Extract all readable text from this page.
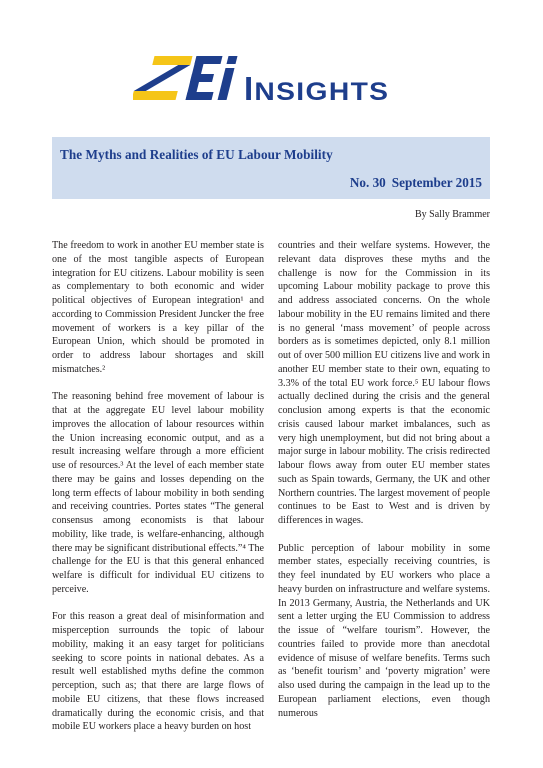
INSIGHTS
The Myths and Realities of EU Labour Mobility
No. 30 September 2015
By Sally Brammer

The freedom to work in another EU member state is one of the most tangible aspects of European integration for EU citizens. Labour mobility is seen as complementary to both economic and wider political objectives of European integration¹ and according to Commission President Juncker the free movement of workers is a key pillar of the European Union, which should be promoted in order to address labour shortages and skill mismatches.²

The reasoning behind free movement of labour is that at the aggregate EU level labour mobility improves the allocation of labour resources within the Union increasing economic output, and as a result increasing welfare through a more efficient use of resources.³ At the level of each member state there may be gains and losses depending on the long term effects of labour mobility in both sending and receiving countries. Portes states “The general consensus among economists is that labour mobility, like trade, is welfare-enhancing, although there may be significant distributional effects.”⁴ The challenge for the EU is that this general enhanced welfare is difficult for individual EU citizens to perceive.

For this reason a great deal of misinformation and misperception surrounds the topic of labour mobility, making it an easy target for politicians seeking to score points in national debates. As a result well established myths define the common perception, such as; that there are large flows of mobile EU citizens, that these flows increased dramatically during the economic crisis, and that mobile EU workers place a heavy burden on host

countries and their welfare systems. However, the relevant data disproves these myths and the challenge is now for the Commission in its upcoming Labour mobility package to prove this and address associated concerns. On the whole labour mobility in the EU remains limited and there is no general ‘mass movement’ of people across borders as is sometimes depicted, only 8.1 million out of over 500 million EU citizens live and work in another EU member state to their own, equating to 3.3% of the total EU work force.⁵ EU labour flows actually declined during the crisis and the general conclusion among experts is that the economic crisis caused labour market imbalances, such as very high unemployment, but did not bring about a major surge in labour mobility. The crisis redirected labour flows away from outer EU member states such as Spain towards, Germany, the UK and other Northern countries. The largest movement of people continues to be East to West and is driven by differences in wages.

Public perception of labour mobility in some member states, especially receiving countries, is they feel inundated by EU workers who place a heavy burden on infrastructure and welfare systems. In 2013 Germany, Austria, the Netherlands and UK sent a letter urging the EU Commission to address the issue of “welfare tourism”. However, the countries failed to provide more than anecdotal evidence of misuse of welfare benefits. Terms such as ‘benefit tourism’ and ‘poverty migration’ were also used during the campaign in the lead up to the European parliament elections, even though numerous
